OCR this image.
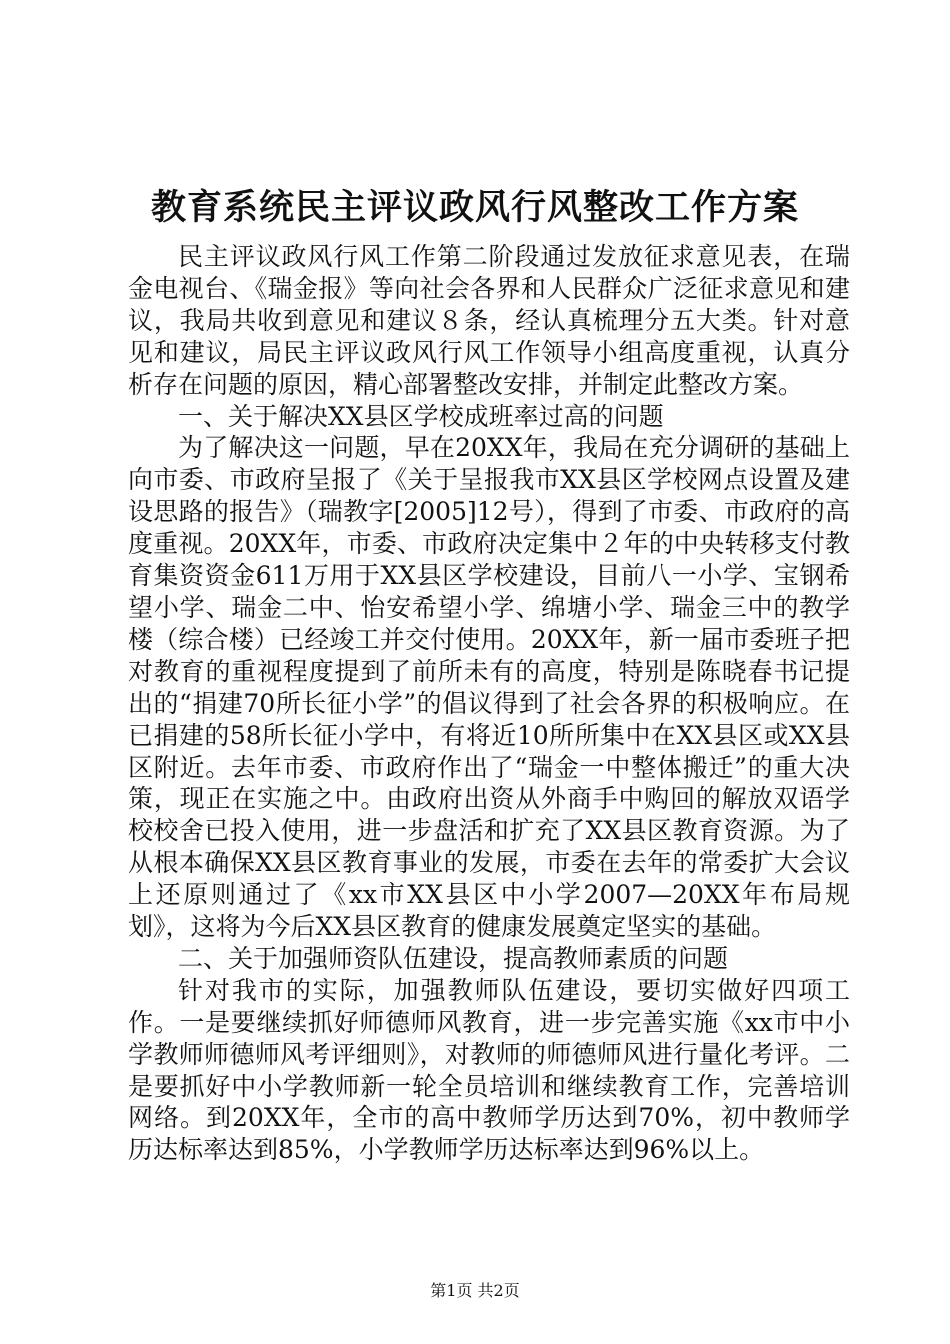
教育系统民主评议政风行风整改工作方案

民主评议政风行风工作第二阶段通过发放征求意见表，在瑞金电视台、《瑞金报》等向社会各界和人民群众广泛征求意见和建议，我局共收到意见和建议８条，经认真梳理分五大类。针对意见和建议，局民主评议政风行风工作领导小组高度重视，认真分析存在问题的原因，精心部署整改安排，并制定此整改方案。

一、关于解决XX县区学校成班率过高的问题

为了解决这一问题，早在20XX年，我局在充分调研的基础上向市委、市政府呈报了《关于呈报我市XX县区学校网点设置及建设思路的报告》（瑞教字[2005]12号），得到了市委、市政府的高度重视。20XX年，市委、市政府决定集中２年的中央转移支付教育集资资金611万用于XX县区学校建设，目前八一小学、宝钢希望小学、瑞金二中、怡安希望小学、绵塘小学、瑞金三中的教学楼（综合楼）已经竣工并交付使用。20XX年，新一届市委班子把对教育的重视程度提到了前所未有的高度，特别是陈晓春书记提出的“捐建70所长征小学”的倡议得到了社会各界的积极响应。在已捐建的58所长征小学中，有将近10所所集中在XX县区或XX县区附近。去年市委、市政府作出了“瑞金一中整体搬迁”的重大决策，现正在实施之中。由政府出资从外商手中购回的解放双语学校校舍已投入使用，进一步盘活和扩充了XX县区教育资源。为了从根本确保XX县区教育事业的发展，市委在去年的常委扩大会议上还原则通过了《xx市XX县区中小学2007—20XX年布局规划》，这将为今后XX县区教育的健康发展奠定坚实的基础。

二、关于加强师资队伍建设，提高教师素质的问题

针对我市的实际，加强教师队伍建设，要切实做好四项工作。一是要继续抓好师德师风教育，进一步完善实施《xx市中小学教师师德师风考评细则》，对教师的师德师风进行量化考评。二是要抓好中小学教师新一轮全员培训和继续教育工作，完善培训网络。到20XX年，全市的高中教师学历达到70%，初中教师学历达标率达到85%，小学教师学历达标率达到96%以上。

第1页 共2页
